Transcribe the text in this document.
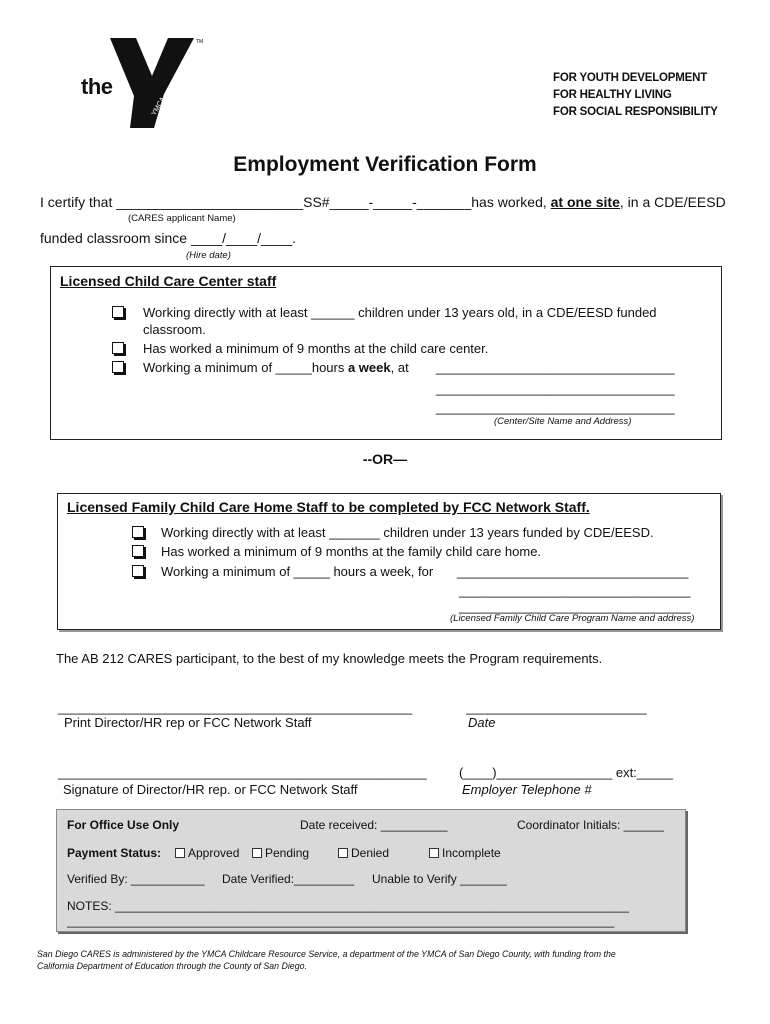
TM
YMCA
the	FOR YOUTH DEVELOPMENT
FOR HEALTHY LIVING
FOR SOCIAL RESPONSIBILITY
Employment Verification Form
I certify that ________________________SS#_____-_____-_______has worked, at one site, in a CDE/EESD
(CARES applicant Name)
funded classroom since ____/____/____.
(Hire date)
Licensed Child Care Center staff
Working directly with at least ______ children under 13 years old, in a CDE/EESD funded
classroom.
Has worked a minimum of 9 months at the child care center.
Working a minimum of _____hours a week, at _________________________________
_________________________________
_________________________________
(Center/Site Name and Address)
--OR—
Licensed Family Child Care Home Staff to be completed by FCC Network Staff.
Working directly with at least _______ children under 13 years funded by CDE/EESD.
Has worked a minimum of 9 months at the family child care home.
Working a minimum of _____ hours a week, for ________________________________
________________________________
________________________________
(Licensed Family Child Care Program Name and address)
The AB 212 CARES participant, to the best of my knowledge meets the Program requirements.
_________________________________________________	_________________________
Print Director/HR rep or FCC Network Staff	Date
___________________________________________________ (____)________________ ext:_____
Signature of Director/HR rep. or FCC Network Staff	Employer Telephone #
For Office Use Only	Date received: __________	Coordinator Initials: ______
Payment Status:	Approved	Pending	Denied	Incomplete
Verified By: ___________ Date Verified:_________ Unable to Verify _______
NOTES: _____________________________________________________________________________
__________________________________________________________________________________
San Diego CARES is administered by the YMCA Childcare Resource Service, a department of the YMCA of San Diego County, with funding from the
California Department of Education through the County of San Diego.
